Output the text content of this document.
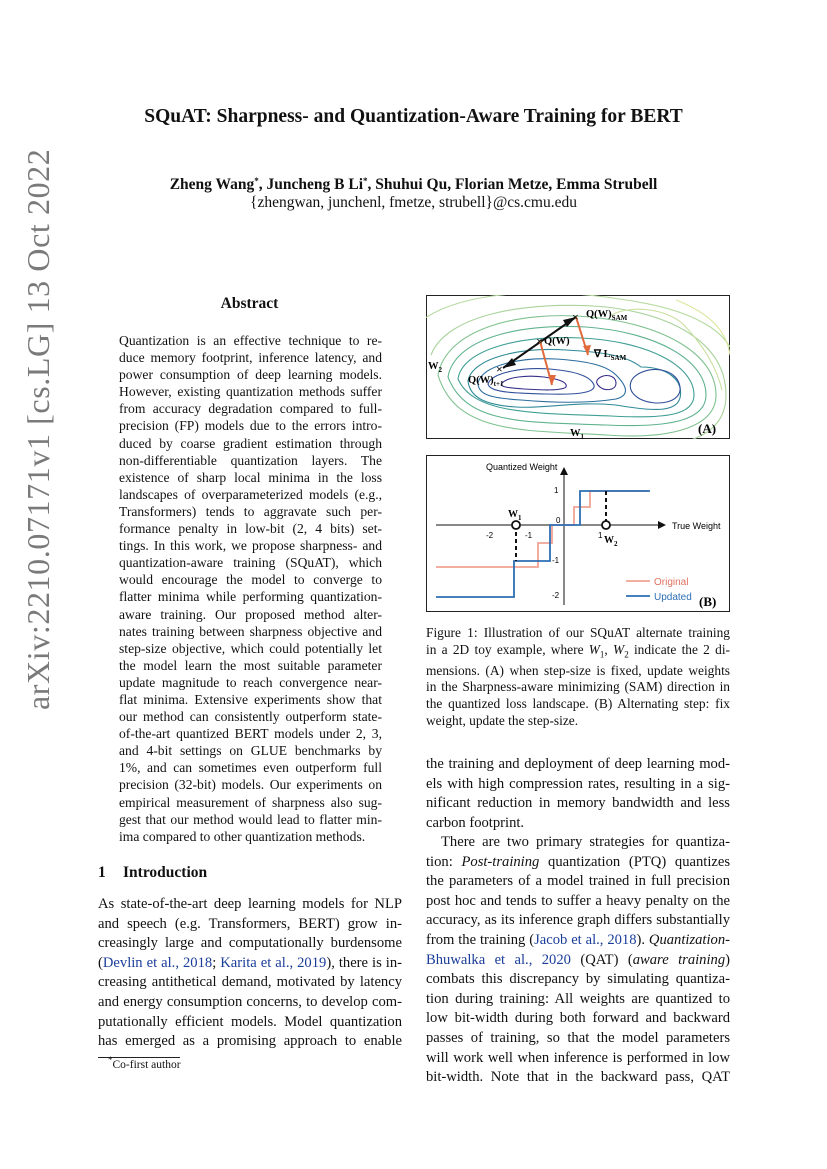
arXiv:2210.07171v1 [cs.LG] 13 Oct 2022
SQuAT: Sharpness- and Quantization-Aware Training for BERT
Zheng Wang*, Juncheng B Li*, Shuhui Qu, Florian Metze, Emma Strubell
{zhengwan, junchenl, fmetze, strubell}@cs.cmu.edu
Abstract
Quantization is an effective technique to re-
duce memory footprint, inference latency, and
power consumption of deep learning models.
However, existing quantization methods suffer
from accuracy degradation compared to full-
precision (FP) models due to the errors intro-
duced by coarse gradient estimation through
non-differentiable quantization layers. The
existence of sharp local minima in the loss
landscapes of overparameterized models (e.g.,
Transformers) tends to aggravate such per-
formance penalty in low-bit (2, 4 bits) set-
tings. In this work, we propose sharpness- and
quantization-aware training (SQuAT), which
would encourage the model to converge to
flatter minima while performing quantization-
aware training. Our proposed method alter-
nates training between sharpness objective and
step-size objective, which could potentially let
the model learn the most suitable parameter
update magnitude to reach convergence near-
flat minima. Extensive experiments show that
our method can consistently outperform state-
of-the-art quantized BERT models under 2, 3,
and 4-bit settings on GLUE benchmarks by
1%, and can sometimes even outperform full
precision (32-bit) models. Our experiments on
empirical measurement of sharpness also sug-
gest that our method would lead to flatter min-
ima compared to other quantization methods.
1 Introduction
As state-of-the-art deep learning models for NLP
and speech (e.g. Transformers, BERT) grow in-
creasingly large and computationally burdensome
(Devlin et al., 2018; Karita et al., 2019), there is in-
creasing antithetical demand, motivated by latency
and energy consumption concerns, to develop com-
putationally efficient models. Model quantization
has emerged as a promising approach to enable
*Co-first author
×
×
×
$Q(W)_{SAM}$
Q(W)
$Q(W)_{t+1}$
∇ $L_{SAM}$
$W_2$
$W_1$
(A)
Quantized Weight
True Weight
-2	-1
0
1
1
-1
-2
$W_1$
$W_2$
Original
Updated (B)
Figure 1: Illustration of our SQuAT alternate training
in a 2D toy example, where $W_1$, $W_2$ indicate the 2 di-
mensions. (A) when step-size is fixed, update weights
in the Sharpness-aware minimizing (SAM) direction in
the quantized loss landscape. (B) Alternating step: fix
weight, update the step-size.
the training and deployment of deep learning mod-
els with high compression rates, resulting in a sig-
nificant reduction in memory bandwidth and less
carbon footprint.
There are two primary strategies for quantiza-
tion: Post-training quantization (PTQ) quantizes
the parameters of a model trained in full precision
post hoc and tends to suffer a heavy penalty on the
accuracy, as its inference graph differs substantially
from the training (Jacob et al., 2018). Quantization-
Bhuwalka et al., 2020 (QAT) (aware training)
combats this discrepancy by simulating quantiza-
tion during training: All weights are quantized to
low bit-width during both forward and backward
passes of training, so that the model parameters
will work well when inference is performed in low
bit-width. Note that in the backward pass, QAT
